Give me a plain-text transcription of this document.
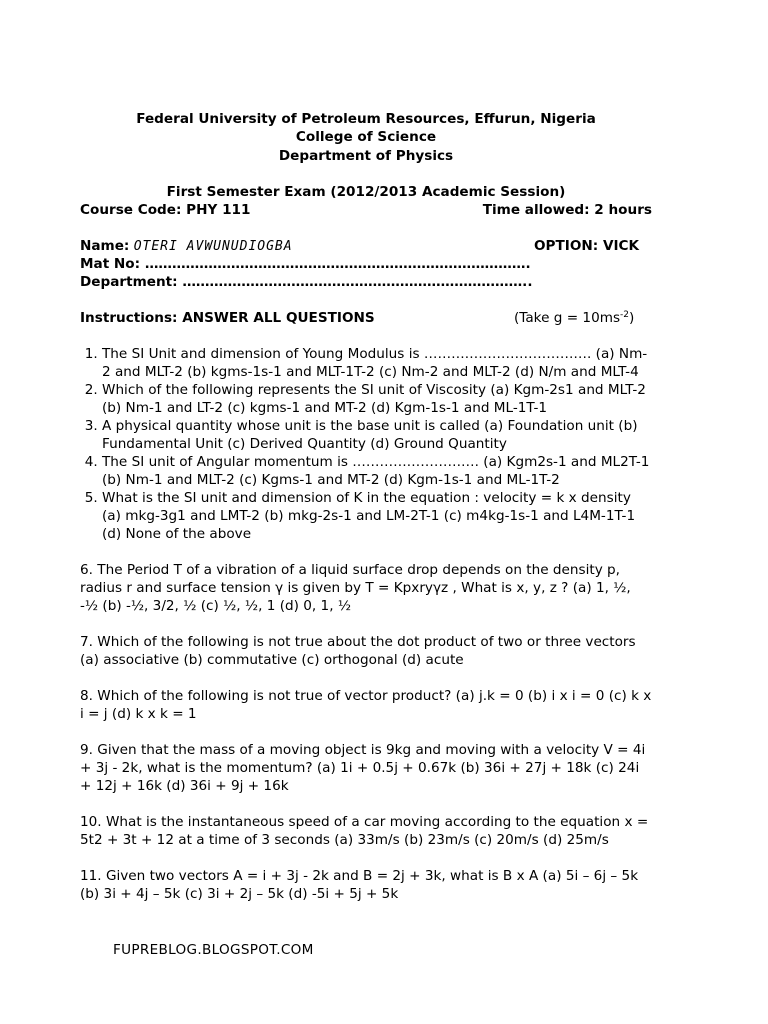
Federal University of Petroleum Resources, Effurun, Nigeria
College of Science
Department of Physics
First Semester Exam (2012/2013 Academic Session)
Course Code: PHY 111	Time allowed: 2 hours
Name: OTERI AVWUNUDIOGBA	OPTION: VICK
Mat No: ………………………………………………………………………….
Department: …………………………………………………………………..
Instructions: ANSWER ALL QUESTIONS	(Take $g = 10ms^{-2}$)
1. The SI Unit and dimension of Young Modulus is ………………………………. (a) Nm-2 and MLT-2 (b) kgms-1s-1 and MLT-1T-2 (c) Nm-2 and MLT-2 (d) N/m and MLT-4
2. Which of the following represents the SI unit of Viscosity (a) Kgm-2s1 and MLT-2 (b) Nm-1 and LT-2 (c) kgms-1 and MT-2 (d) Kgm-1s-1 and ML-1T-1
3. A physical quantity whose unit is the base unit is called (a) Foundation unit (b) Fundamental Unit (c) Derived Quantity (d) Ground Quantity
4. The SI unit of Angular momentum is ………………………. (a) Kgm2s-1 and ML2T-1 (b) Nm-1 and MLT-2 (c) Kgms-1 and MT-2 (d) Kgm-1s-1 and ML-1T-2
5. What is the SI unit and dimension of K in the equation : velocity = k x density (a) mkg-3g1 and LMT-2 (b) mkg-2s-1 and LM-2T-1 (c) m4kg-1s-1 and L4M-1T-1 (d) None of the above
6. The Period T of a vibration of a liquid surface drop depends on the density p, radius r and surface tension γ is given by T = Kpxryγz , What is x, y, z ? (a) 1, ½, -½ (b) -½, 3/2, ½ (c) ½, ½, 1 (d) 0, 1, ½
7. Which of the following is not true about the dot product of two or three vectors (a) associative (b) commutative (c) orthogonal (d) acute
8. Which of the following is not true of vector product? (a) j.k = 0 (b) i x i = 0 (c) k x i = j (d) k x k = 1
9. Given that the mass of a moving object is 9kg and moving with a velocity V = 4i + 3j - 2k, what is the momentum? (a) 1i + 0.5j + 0.67k (b) 36i + 27j + 18k (c) 24i + 12j + 16k (d) 36i + 9j + 16k
10. What is the instantaneous speed of a car moving according to the equation x = 5t2 + 3t + 12 at a time of 3 seconds (a) 33m/s (b) 23m/s (c) 20m/s (d) 25m/s
11. Given two vectors A = i + 3j - 2k and B = 2j + 3k, what is B x A (a) 5i – 6j – 5k (b) 3i + 4j – 5k (c) 3i + 2j – 5k (d) -5i + 5j + 5k
FUPREBLOG.BLOGSPOT.COM
